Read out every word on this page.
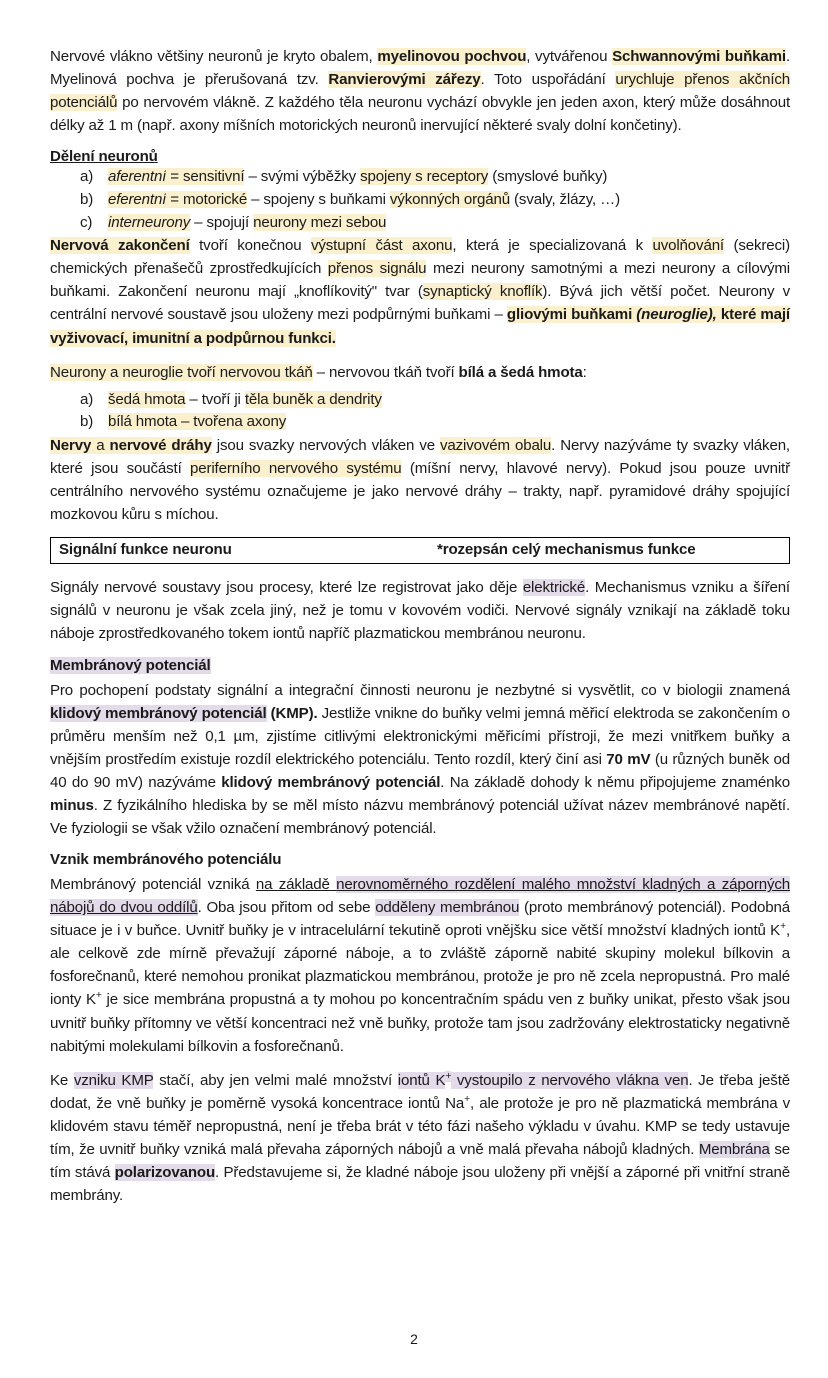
Nervové vlákno většiny neuronů je kryto obalem, myelinovou pochvou, vytvářenou Schwannovými buňkami. Myelinová pochva je přerušovaná tzv. Ranvierovými zářezy. Toto uspořádání urychluje přenos akčních potenciálů po nervovém vlákně. Z každého těla neuronu vychází obvykle jen jeden axon, který může dosáhnout délky až 1 m (např. axony míšních motorických neuronů inervující některé svaly dolní končetiny).

Dělení neuronů
a) aferentní = sensitivní – svými výběžky spojeny s receptory (smyslové buňky)
b) eferentní = motorické – spojeny s buňkami výkonných orgánů (svaly, žlázy, …)
c) interneurony – spojují neurony mezi sebou

Nervová zakončení tvoří konečnou výstupní část axonu, která je specializovaná k uvolňování (sekreci) chemických přenašečů zprostředkujících přenos signálu mezi neurony samotnými a mezi neurony a cílovými buňkami. Zakončení neuronu mají „knoflíkovitý" tvar (synaptický knoflík). Bývá jich větší počet. Neurony v centrální nervové soustavě jsou uloženy mezi podpůrnými buňkami – gliovými buňkami (neuroglie), které mají vyživovací, imunitní a podpůrnou funkci.

Neurony a neuroglie tvoří nervovou tkáň – nervovou tkáň tvoří bílá a šedá hmota:

a) šedá hmota – tvoří ji těla buněk a dendrity
b) bílá hmota – tvořena axony

Nervy a nervové dráhy jsou svazky nervových vláken ve vazivovém obalu. Nervy nazýváme ty svazky vláken, které jsou součástí periferního nervového systému (míšní nervy, hlavové nervy). Pokud jsou pouze uvnitř centrálního nervového systému označujeme je jako nervové dráhy – trakty, např. pyramidové dráhy spojující mozkovou kůru s míchou.

Signální funkce neuronu	*rozepsán celý mechanismus funkce

Signály nervové soustavy jsou procesy, které lze registrovat jako děje elektrické. Mechanismus vzniku a šíření signálů v neuronu je však zcela jiný, než je tomu v kovovém vodiči. Nervové signály vznikají na základě toku náboje zprostředkovaného tokem iontů napříč plazmatickou membránou neuronu.

Membránový potenciál

Pro pochopení podstaty signální a integrační činnosti neuronu je nezbytné si vysvětlit, co v biologii znamená klidový membránový potenciál (KMP). Jestliže vnikne do buňky velmi jemná měřicí elektroda se zakončením o průměru menším než 0,1 µm, zjistíme citlivými elektronickými měřicími přístroji, že mezi vnitřkem buňky a vnějším prostředím existuje rozdíl elektrického potenciálu. Tento rozdíl, který činí asi 70 mV (u různých buněk od 40 do 90 mV) nazýváme klidový membránový potenciál. Na základě dohody k němu připojujeme znaménko minus. Z fyzikálního hlediska by se měl místo názvu membránový potenciál užívat název membránové napětí. Ve fyziologii se však vžilo označení membránový potenciál.

Vznik membránového potenciálu

Membránový potenciál vzniká na základě nerovnoměrného rozdělení malého množství kladných a záporných nábojů do dvou oddílů. Oba jsou přitom od sebe odděleny membránou (proto membránový potenciál). Podobná situace je i v buňce. Uvnitř buňky je v intracelulární tekutině oproti vnějšku sice větší množství kladných iontů K+, ale celkově zde mírně převažují záporné náboje, a to zvláště záporně nabité skupiny molekul bílkovin a fosforečnanů, které nemohou pronikat plazmatickou membránou, protože je pro ně zcela nepropustná. Pro malé ionty K+ je sice membrána propustná a ty mohou po koncentračním spádu ven z buňky unikat, přesto však jsou uvnitř buňky přítomny ve větší koncentraci než vně buňky, protože tam jsou zadržovány elektrostaticky negativně nabitými molekulami bílkovin a fosforečnanů.

Ke vzniku KMP stačí, aby jen velmi malé množství iontů K+ vystoupilo z nervového vlákna ven. Je třeba ještě dodat, že vně buňky je poměrně vysoká koncentrace iontů Na+, ale protože je pro ně plazmatická membrána v klidovém stavu téměř nepropustná, není je třeba brát v této fázi našeho výkladu v úvahu. KMP se tedy ustavuje tím, že uvnitř buňky vzniká malá převaha záporných nábojů a vně malá převaha nábojů kladných. Membrána se tím stává polarizovanou. Představujeme si, že kladné náboje jsou uloženy při vnější a záporné při vnitřní straně membrány.

2
